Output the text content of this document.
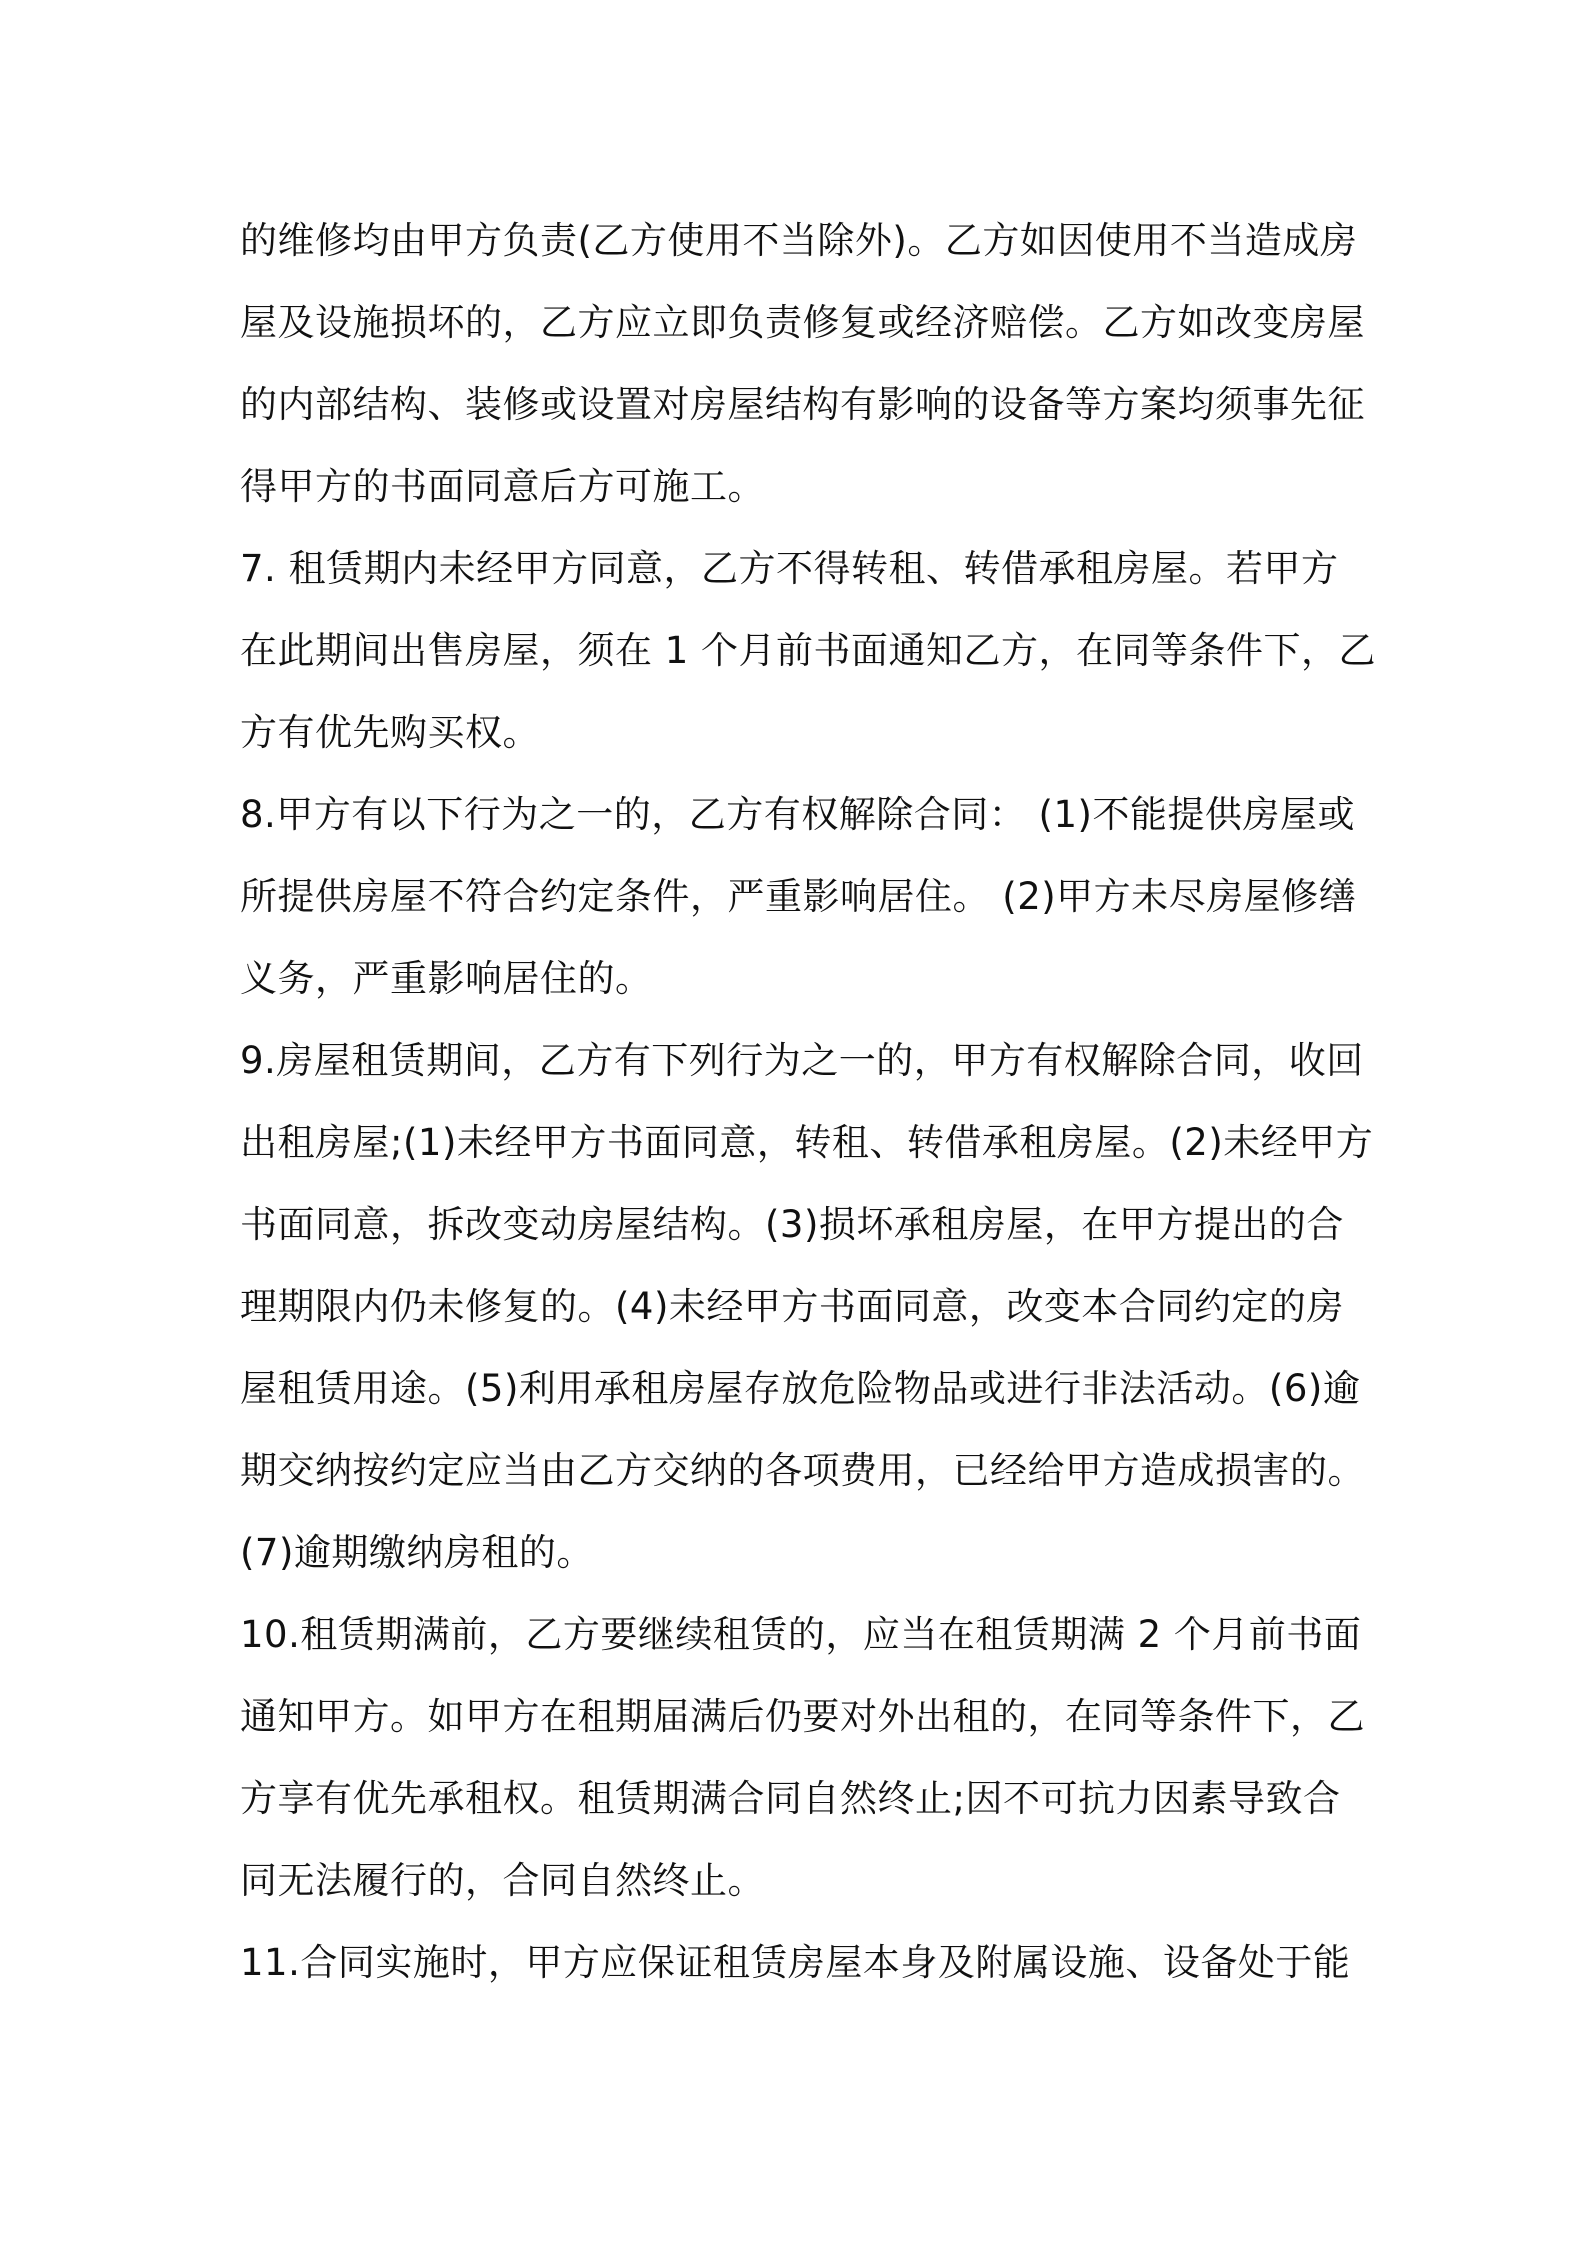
的维修均由甲方负责(乙方使用不当除外)。乙方如因使用不当造成房
屋及设施损坏的，乙方应立即负责修复或经济赔偿。乙方如改变房屋
的内部结构、装修或设置对房屋结构有影响的设备等方案均须事先征
得甲方的书面同意后方可施工。
7. 租赁期内未经甲方同意，乙方不得转租、转借承租房屋。若甲方
在此期间出售房屋，须在 1 个月前书面通知乙方，在同等条件下，乙
方有优先购买权。
8.甲方有以下行为之一的，乙方有权解除合同： (1)不能提供房屋或
所提供房屋不符合约定条件，严重影响居住。 (2)甲方未尽房屋修缮
义务，严重影响居住的。
9.房屋租赁期间，乙方有下列行为之一的，甲方有权解除合同，收回
出租房屋;(1)未经甲方书面同意，转租、转借承租房屋。(2)未经甲方
书面同意，拆改变动房屋结构。(3)损坏承租房屋，在甲方提出的合
理期限内仍未修复的。(4)未经甲方书面同意，改变本合同约定的房
屋租赁用途。(5)利用承租房屋存放危险物品或进行非法活动。(6)逾
期交纳按约定应当由乙方交纳的各项费用，已经给甲方造成损害的。
(7)逾期缴纳房租的。
10.租赁期满前，乙方要继续租赁的，应当在租赁期满 2 个月前书面
通知甲方。如甲方在租期届满后仍要对外出租的，在同等条件下，乙
方享有优先承租权。租赁期满合同自然终止;因不可抗力因素导致合
同无法履行的，合同自然终止。
11.合同实施时，甲方应保证租赁房屋本身及附属设施、设备处于能
